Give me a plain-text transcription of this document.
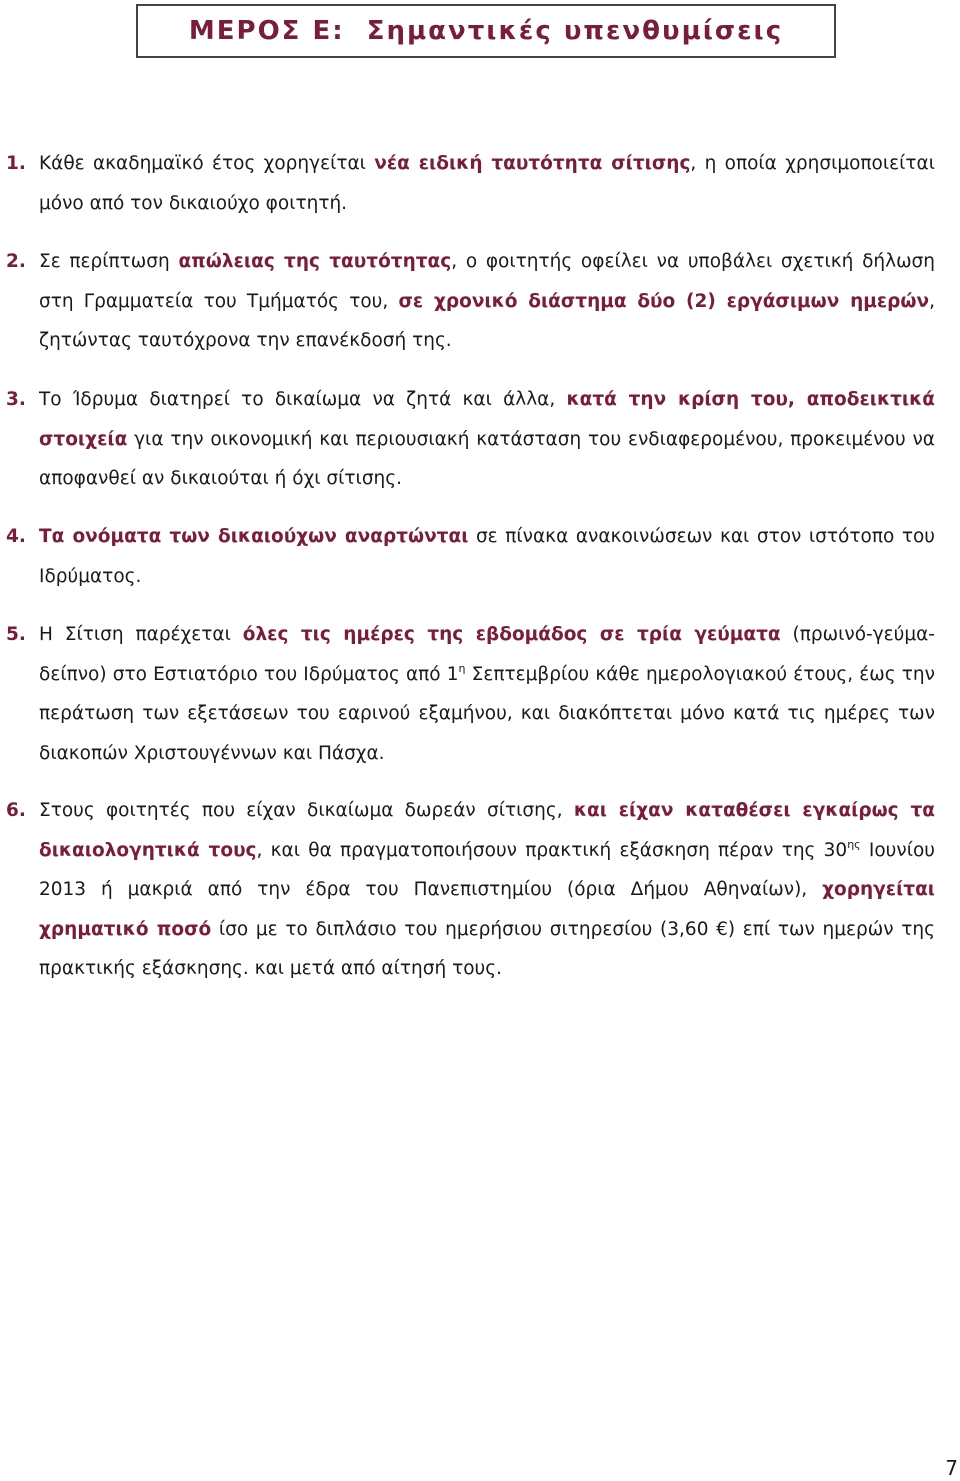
ΜΕΡΟΣ Ε:  Σημαντικές υπενθυμίσεις
1. Κάθε ακαδημαϊκό έτος χορηγείται νέα ειδική ταυτότητα σίτισης, η οποία χρησιμοποιείται μόνο από τον δικαιούχο φοιτητή.
2. Σε περίπτωση απώλειας της ταυτότητας, ο φοιτητής οφείλει να υποβάλει σχετική δήλωση στη Γραμματεία του Τμήματός του, σε χρονικό διάστημα δύο (2) εργάσιμων ημερών, ζητώντας ταυτόχρονα την επανέκδοσή της.
3. Το Ίδρυμα διατηρεί το δικαίωμα να ζητά και άλλα, κατά την κρίση του, αποδεικτικά στοιχεία για την οικονομική και περιουσιακή κατάσταση του ενδιαφερομένου, προκειμένου να αποφανθεί αν δικαιούται ή όχι σίτισης.
4. Τα ονόματα των δικαιούχων αναρτώνται σε πίνακα ανακοινώσεων και στον ιστότοπο του Ιδρύματος.
5. Η Σίτιση παρέχεται όλες τις ημέρες της εβδομάδος σε τρία γεύματα (πρωινό-γεύμα-δείπνο) στο Εστιατόριο του Ιδρύματος από $1^\eta$ Σεπτεμβρίου κάθε ημερολογιακού έτους, έως την περάτωση των εξετάσεων του εαρινού εξαμήνου, και διακόπτεται μόνο κατά τις ημέρες των διακοπών Χριστουγέννων και Πάσχα.
6. Στους φοιτητές που είχαν δικαίωμα δωρεάν σίτισης, και είχαν καταθέσει εγκαίρως τα δικαιολογητικά τους, και θα πραγματοποιήσουν πρακτική εξάσκηση πέραν της $30^{\eta\varsigma}$ Ιουνίου 2013 ή μακριά από την έδρα του Πανεπιστημίου (όρια Δήμου Αθηναίων), χορηγείται χρηματικό ποσό ίσο με το διπλάσιο του ημερήσιου σιτηρεσίου (3,60 €) επί των ημερών της πρακτικής εξάσκησης. και μετά από αίτησή τους.
7
